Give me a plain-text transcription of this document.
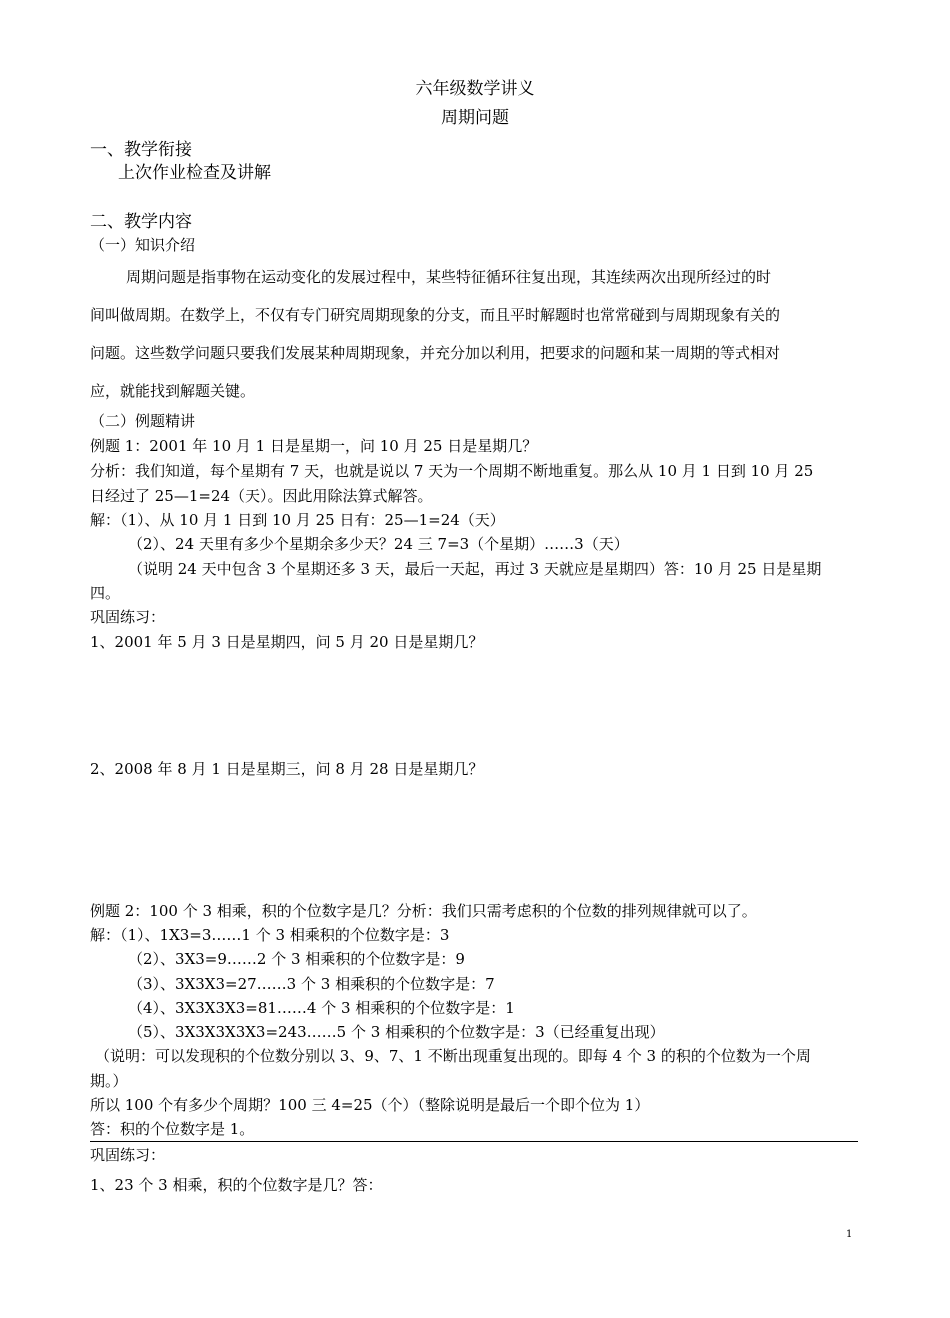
六年级数学讲义
周期问题
一、教学衔接
上次作业检查及讲解
二、教学内容
（一）知识介绍
周期问题是指事物在运动变化的发展过程中，某些特征循环往复出现，其连续两次出现所经过的时
间叫做周期。在数学上，不仅有专门研究周期现象的分支，而且平时解题时也常常碰到与周期现象有关的
问题。这些数学问题只要我们发展某种周期现象，并充分加以利用，把要求的问题和某一周期的等式相对
应，就能找到解题关键。
（二）例题精讲
例题 1：2001 年 10 月 1 日是星期一，问 10 月 25 日是星期几？
分析：我们知道，每个星期有 7 天，也就是说以 7 天为一个周期不断地重复。那么从 10 月 1 日到 10 月 25
日经过了 25—1=24（天）。因此用除法算式解答。
解：（1）、从 10 月 1 日到 10 月 25 日有：25—1=24（天）
（2）、24 天里有多少个星期余多少天？24 三 7=3（个星期）……3（天）
（说明 24 天中包含 3 个星期还多 3 天，最后一天起，再过 3 天就应是星期四）答：10 月 25 日是星期
四。
巩固练习：
1、2001 年 5 月 3 日是星期四，问 5 月 20 日是星期几？
2、2008 年 8 月 1 日是星期三，问 8 月 28 日是星期几？
例题 2：100 个 3 相乘，积的个位数字是几？分析：我们只需考虑积的个位数的排列规律就可以了。
解：（1）、1X3=3……1 个 3 相乘积的个位数字是：3
（2）、3X3=9……2 个 3 相乘积的个位数字是：9
（3）、3X3X3=27……3 个 3 相乘积的个位数字是：7
（4）、3X3X3X3=81……4 个 3 相乘积的个位数字是：1
（5）、3X3X3X3X3=243……5 个 3 相乘积的个位数字是：3（已经重复出现）
（说明：可以发现积的个位数分别以 3、9、7、1 不断出现重复出现的。即每 4 个 3 的积的个位数为一个周
期。）
所以 100 个有多少个周期？100 三 4=25（个）（整除说明是最后一个即个位为 1）
答：积的个位数字是 1。
巩固练习：
1、23 个 3 相乘，积的个位数字是几？答：
1
